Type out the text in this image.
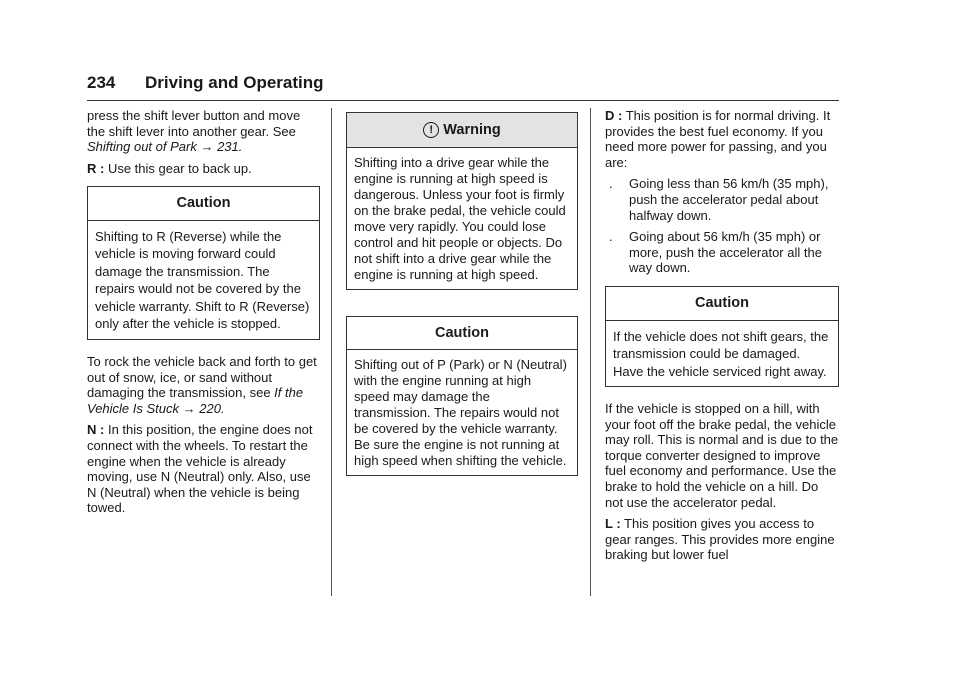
234 Driving and Operating

press the shift lever button and move the shift lever into another gear. See Shifting out of Park → 231.

R : Use this gear to back up.

Caution
Shifting to R (Reverse) while the vehicle is moving forward could damage the transmission. The repairs would not be covered by the vehicle warranty. Shift to R (Reverse) only after the vehicle is stopped.

To rock the vehicle back and forth to get out of snow, ice, or sand without damaging the transmission, see If the Vehicle Is Stuck → 220.

N : In this position, the engine does not connect with the wheels. To restart the engine when the vehicle is already moving, use N (Neutral) only. Also, use N (Neutral) when the vehicle is being towed.

! Warning
Shifting into a drive gear while the engine is running at high speed is dangerous. Unless your foot is firmly on the brake pedal, the vehicle could move very rapidly. You could lose control and hit people or objects. Do not shift into a drive gear while the engine is running at high speed.
Caution
Shifting out of P (Park) or N (Neutral) with the engine running at high speed may damage the transmission. The repairs would not be covered by the vehicle warranty. Be sure the engine is not running at high speed when shifting the vehicle.

D : This position is for normal driving. It provides the best fuel economy. If you need more power for passing, and you are:

.	Going less than 56 km/h (35 mph), push the accelerator pedal about halfway down.
.	Going about 56 km/h (35 mph) or more, push the accelerator all the way down.
Caution
If the vehicle does not shift gears, the transmission could be damaged. Have the vehicle serviced right away.

If the vehicle is stopped on a hill, with your foot off the brake pedal, the vehicle may roll. This is normal and is due to the torque converter designed to improve fuel economy and performance. Use the brake to hold the vehicle on a hill. Do not use the accelerator pedal.

L : This position gives you access to gear ranges. This provides more engine braking but lower fuel
